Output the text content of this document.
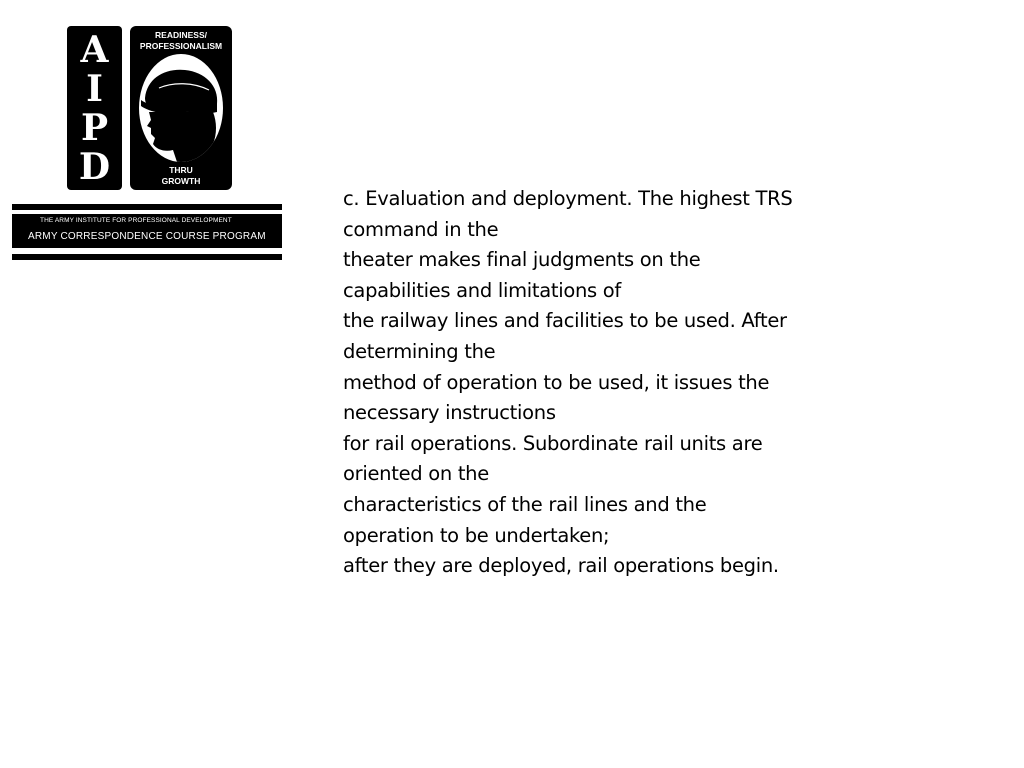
A
I
P
D
READINESS/
PROFESSIONALISM
THRU
GROWTH
THE ARMY INSTITUTE FOR PROFESSIONAL DEVELOPMENT
ARMY CORRESPONDENCE COURSE PROGRAM
c. Evaluation and deployment. The highest TRS
command in the
theater makes final judgments on the
capabilities and limitations of
the railway lines and facilities to be used. After
determining the
method of operation to be used, it issues the
necessary instructions
for rail operations. Subordinate rail units are
oriented on the
characteristics of the rail lines and the
operation to be undertaken;
after they are deployed, rail operations begin.
